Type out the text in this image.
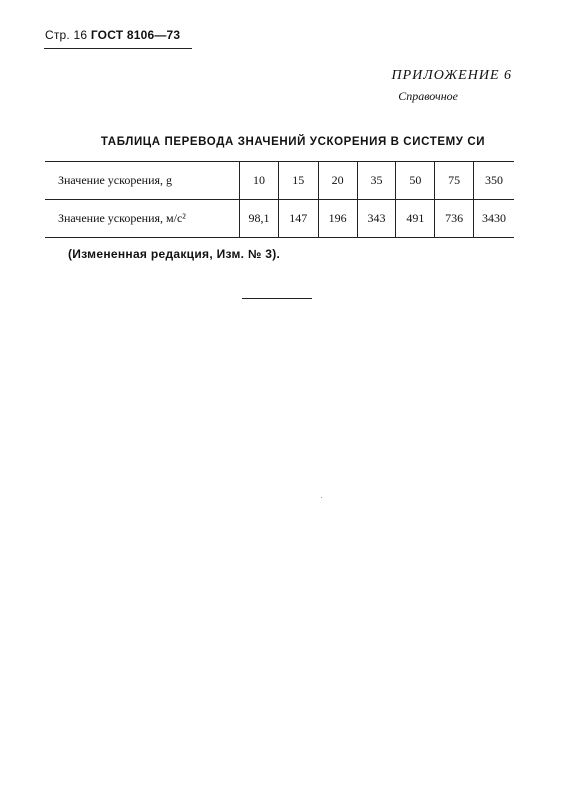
Стр. 16 ГОСТ 8106—73
ПРИЛОЖЕНИЕ 6
Справочное
ТАБЛИЦА ПЕРЕВОДА ЗНАЧЕНИЙ УСКОРЕНИЯ В СИСТЕМУ СИ
Значение ускорения, g	10	15	20	35	50	75	350
Значение ускорения, м/с²	98,1	147	196	343	491	736	3430
(Измененная редакция, Изм. № 3).
